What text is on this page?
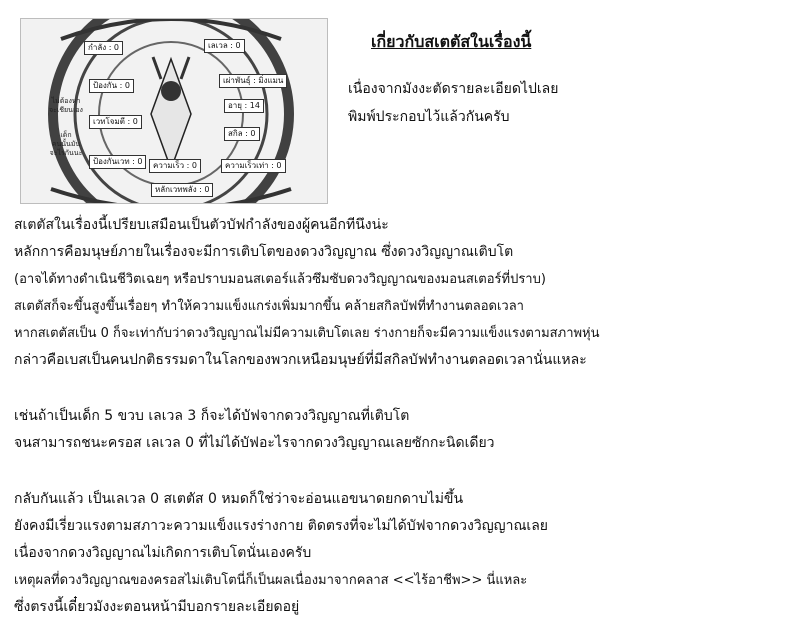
กำลัง : 0	เลเวล : 0
ป้องกัน : 0
เผ่าพันธุ์ : มิ่งแมน
เวทโจมตี : 0
อายุ : 14
สกิล : 0
ป้องกันเวท : 0	ความเร็ว : 0	ความเร็วเท่า : 0
หลักเวทพลัง : 0
ไม่ต้องหา
จะเชียนเอง
เด็ก
คนนั้นมัน
จะไรกันนะ
เกี่ยวกับสเตตัสในเรื่องนี้
เนื่องจากมังงะตัดรายละเอียดไปเลย
พิมพ์ประกอบไว้แล้วกันครับ
สเตตัสในเรื่องนี้เปรียบเสมือนเป็นตัวบัฟกำลังของผู้คนอีกทีนึงน่ะ
หลักการคือมนุษย์ภายในเรื่องจะมีการเติบโตของดวงวิญญาณ ซึ่งดวงวิญญาณเติบโต
(อาจได้ทางดำเนินชีวิตเฉยๆ หรือปราบมอนสเตอร์แล้วซึมซับดวงวิญญาณของมอนสเตอร์ที่ปราบ)
สเตตัสก็จะขึ้นสูงขึ้นเรื่อยๆ ทำให้ความแข็งแกร่งเพิ่มมากขึ้น คล้ายสกิลบัฟที่ทำงานตลอดเวลา
หากสเตตัสเป็น 0 ก็จะเท่ากับว่าดวงวิญญาณไม่มีความเติบโตเลย ร่างกายก็จะมีความแข็งแรงตามสภาพหุ่น
กล่าวคือเบสเป็นคนปกติธรรมดาในโลกของพวกเหนือมนุษย์ที่มีสกิลบัฟทำงานตลอดเวลานั่นแหละ
เช่นถ้าเป็นเด็ก 5 ขวบ เลเวล 3 ก็จะได้บัฟจากดวงวิญญาณที่เติบโต
จนสามารถชนะครอส เลเวล 0 ที่ไม่ได้บัฟอะไรจากดวงวิญญาณเลยซักกะนิดเดียว
กลับกันแล้ว เป็นเลเวล 0 สเตตัส 0 หมดก็ใช่ว่าจะอ่อนแอขนาดยกดาบไม่ขึ้น
ยังคงมีเรี่ยวแรงตามสภาวะความแข็งแรงร่างกาย ติดตรงที่จะไม่ได้บัฟจากดวงวิญญาณเลย
เนื่องจากดวงวิญญาณไม่เกิดการเติบโตนั่นเองครับ
เหตุผลที่ดวงวิญญาณของครอสไม่เติบโตนี่ก็เป็นผลเนื่องมาจากคลาส <<ไร้อาชีพ>> นี่แหละ
ซึ่งตรงนี้เดี๋ยวมังงะตอนหน้ามีบอกรายละเอียดอยู่
